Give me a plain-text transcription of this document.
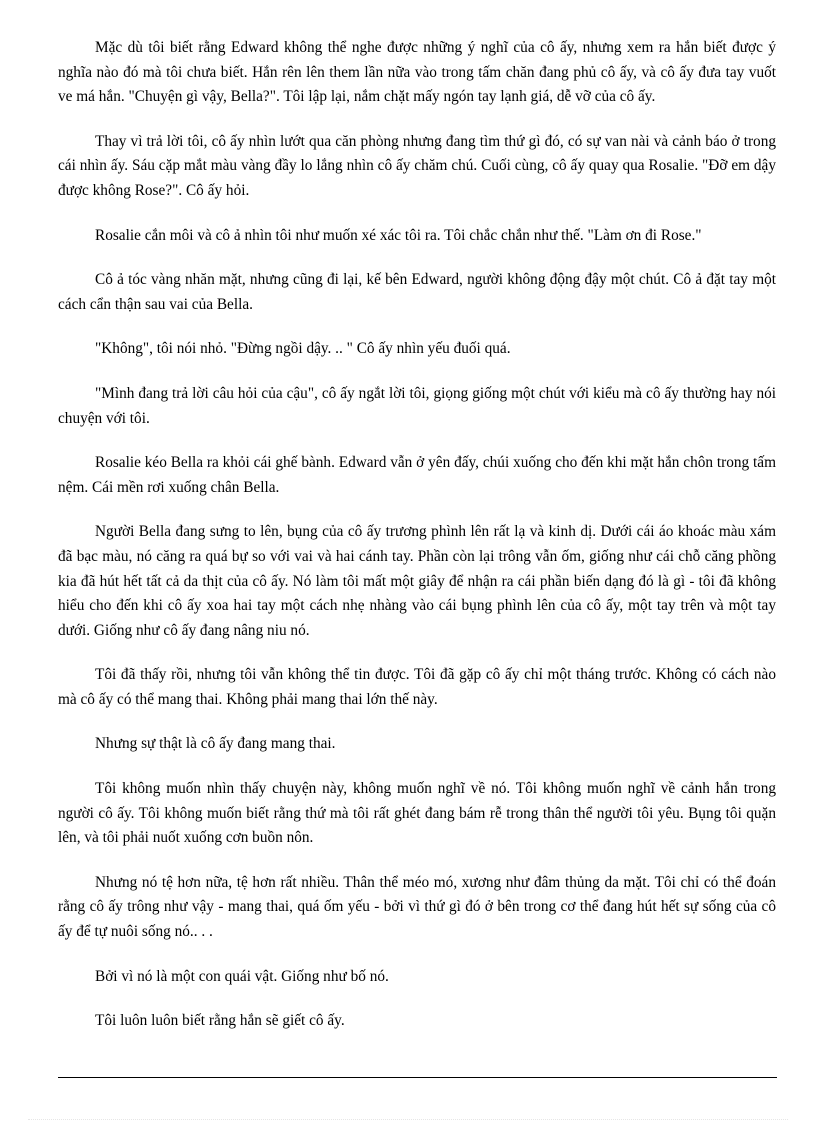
Mặc dù tôi biết rằng Edward không thể nghe được những ý nghĩ của cô ấy, nhưng xem ra hắn biết được ý nghĩa nào đó mà tôi chưa biết. Hắn rên lên them lần nữa vào trong tấm chăn đang phủ cô ấy, và cô ấy đưa tay vuốt ve má hắn. "Chuyện gì vậy, Bella?". Tôi lập lại, nắm chặt mấy ngón tay lạnh giá, dễ vỡ của cô ấy.

Thay vì trả lời tôi, cô ấy nhìn lướt qua căn phòng nhưng đang tìm thứ gì đó, có sự van nài và cảnh báo ở trong cái nhìn ấy. Sáu cặp mắt màu vàng đầy lo lắng nhìn cô ấy chăm chú. Cuối cùng, cô ấy quay qua Rosalie. "Đỡ em dậy được không Rose?". Cô ấy hỏi.

Rosalie cắn môi và cô ả nhìn tôi như muốn xé xác tôi ra. Tôi chắc chắn như thế. "Làm ơn đi Rose."

Cô ả tóc vàng nhăn mặt, nhưng cũng đi lại, kế bên Edward, người không động đậy một chút. Cô ả đặt tay một cách cẩn thận sau vai của Bella.

"Không", tôi nói nhỏ. "Đừng ngồi dậy. .. " Cô ấy nhìn yếu đuối quá.

"Mình đang trả lời câu hỏi của cậu", cô ấy ngắt lời tôi, giọng giống một chút với kiểu mà cô ấy thường hay nói chuyện với tôi.

Rosalie kéo Bella ra khỏi cái ghế bành. Edward vẫn ở yên đấy, chúi xuống cho đến khi mặt hắn chôn trong tấm nệm. Cái mền rơi xuống chân Bella.

Người Bella đang sưng to lên, bụng của cô ấy trương phình lên rất lạ và kinh dị. Dưới cái áo khoác màu xám đã bạc màu, nó căng ra quá bự so với vai và hai cánh tay. Phần còn lại trông vẫn ốm, giống như cái chỗ căng phồng kia đã hút hết tất cả da thịt của cô ấy. Nó làm tôi mất một giây để nhận ra cái phần biến dạng đó là gì - tôi đã không hiểu cho đến khi cô ấy xoa hai tay một cách nhẹ nhàng vào cái bụng phình lên của cô ấy, một tay trên và một tay dưới. Giống như cô ấy đang nâng niu nó.

Tôi đã thấy rồi, nhưng tôi vẫn không thể tin được. Tôi đã gặp cô ấy chỉ một tháng trước. Không có cách nào mà cô ấy có thể mang thai. Không phải mang thai lớn thế này.

Nhưng sự thật là cô ấy đang mang thai.

Tôi không muốn nhìn thấy chuyện này, không muốn nghĩ về nó. Tôi không muốn nghĩ về cảnh hắn trong người cô ấy. Tôi không muốn biết rằng thứ mà tôi rất ghét đang bám rễ trong thân thể người tôi yêu. Bụng tôi quặn lên, và tôi phải nuốt xuống cơn buồn nôn.

Nhưng nó tệ hơn nữa, tệ hơn rất nhiều. Thân thể méo mó, xương như đâm thủng da mặt. Tôi chỉ có thể đoán rằng cô ấy trông như vậy - mang thai, quá ốm yếu - bởi vì thứ gì đó ở bên trong cơ thể đang hút hết sự sống của cô ấy để tự nuôi sống nó.. . .

Bởi vì nó là một con quái vật. Giống như bố nó.

Tôi luôn luôn biết rằng hắn sẽ giết cô ấy.
